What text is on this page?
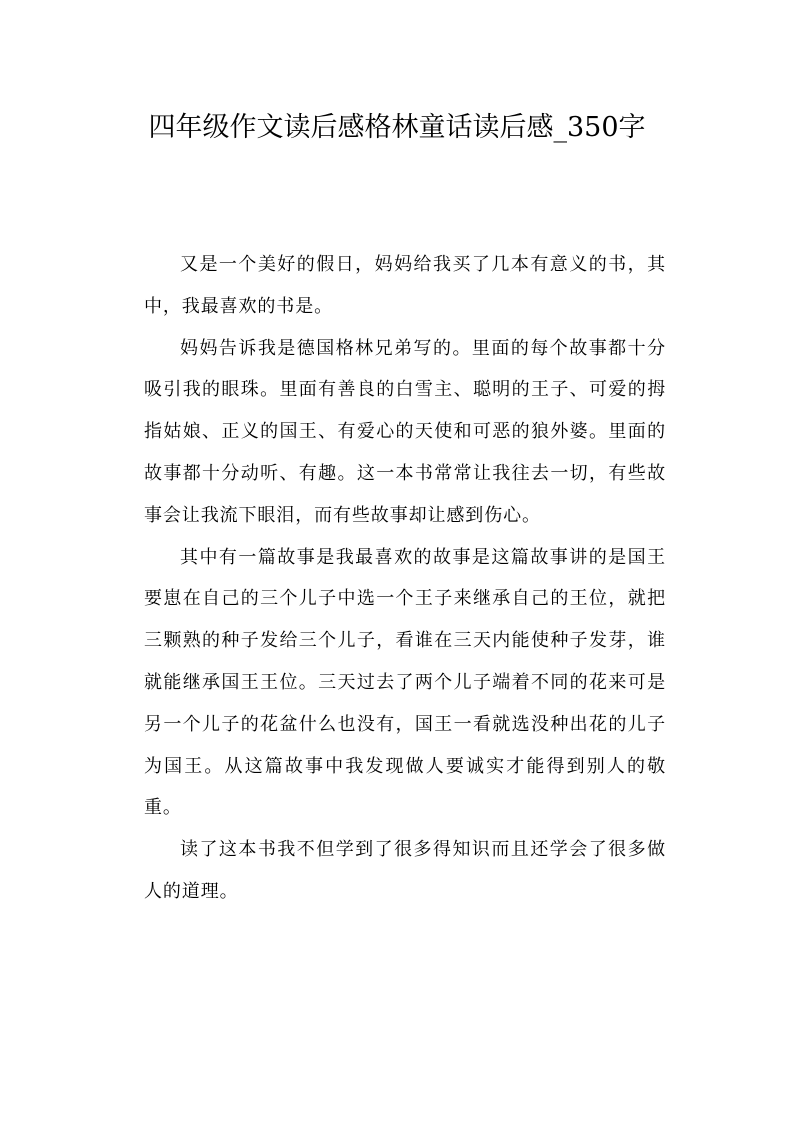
四年级作文读后感格林童话读后感_350字

又是一个美好的假日，妈妈给我买了几本有意义的书，其中，我最喜欢的书是。

妈妈告诉我是德国格林兄弟写的。里面的每个故事都十分吸引我的眼珠。里面有善良的白雪主、聪明的王子、可爱的拇指姑娘、正义的国王、有爱心的天使和可恶的狼外婆。里面的故事都十分动听、有趣。这一本书常常让我往去一切，有些故事会让我流下眼泪，而有些故事却让感到伤心。

其中有一篇故事是我最喜欢的故事是这篇故事讲的是国王要崽在自己的三个儿子中选一个王子来继承自己的王位，就把三颗熟的种子发给三个儿子，看谁在三天内能使种子发芽，谁就能继承国王王位。三天过去了两个儿子端着不同的花来可是另一个儿子的花盆什么也没有，国王一看就选没种出花的儿子为国王。从这篇故事中我发现做人要诚实才能得到别人的敬重。

读了这本书我不但学到了很多得知识而且还学会了很多做人的道理。
